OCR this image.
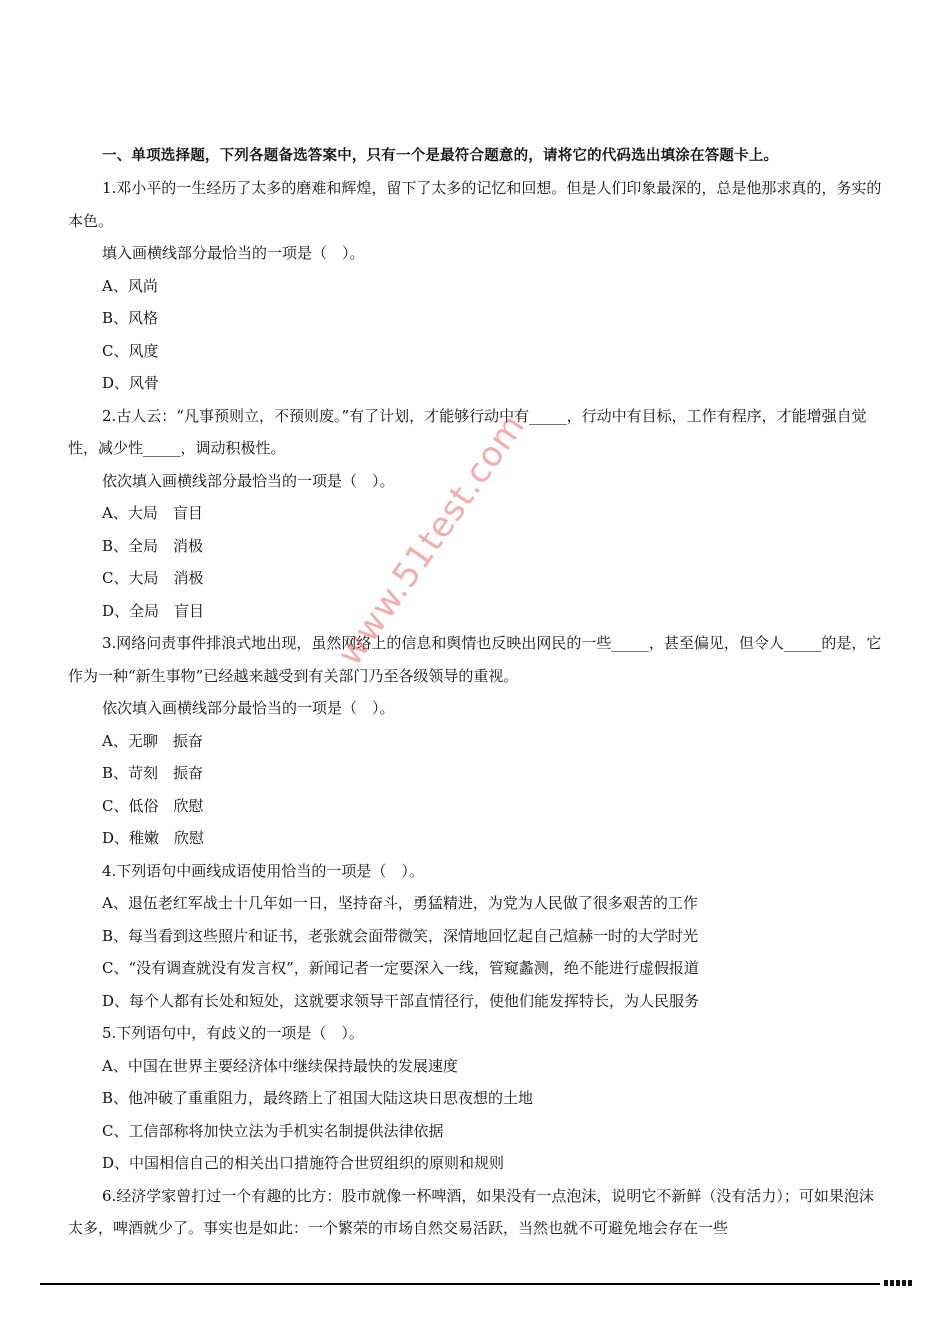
一、单项选择题，下列各题备选答案中，只有一个是最符合题意的，请将它的代码选出填涂在答题卡上。

1.邓小平的一生经历了太多的磨难和辉煌，留下了太多的记忆和回想。但是人们印象最深的，总是他那求真的，务实的本色。

填入画横线部分最恰当的一项是（　）。
A、风尚
B、风格
C、风度
D、风骨

2.古人云：“凡事预则立，不预则废。”有了计划，才能够行动中有_____，行动中有目标，工作有程序，才能增强自觉性，减少性_____，调动积极性。

依次填入画横线部分最恰当的一项是（　）。
A、大局　盲目
B、全局　消极
C、大局　消极
D、全局　盲目

3.网络问责事件排浪式地出现，虽然网络上的信息和舆情也反映出网民的一些_____，甚至偏见，但令人_____的是，它作为一种“新生事物”已经越来越受到有关部门乃至各级领导的重视。

依次填入画横线部分最恰当的一项是（　）。
A、无聊　振奋
B、苛刻　振奋
C、低俗　欣慰
D、稚嫩　欣慰
4.下列语句中画线成语使用恰当的一项是（　）。
A、退伍老红军战士十几年如一日，坚持奋斗，勇猛精进，为党为人民做了很多艰苦的工作
B、每当看到这些照片和证书，老张就会面带微笑，深情地回忆起自己煊赫一时的大学时光
C、“没有调查就没有发言权”，新闻记者一定要深入一线，管窥蠡测，绝不能进行虚假报道
D、每个人都有长处和短处，这就要求领导干部直情径行，使他们能发挥特长，为人民服务
5.下列语句中，有歧义的一项是（　）。
A、中国在世界主要经济体中继续保持最快的发展速度
B、他冲破了重重阻力，最终踏上了祖国大陆这块日思夜想的土地
C、工信部称将加快立法为手机实名制提供法律依据
D、中国相信自己的相关出口措施符合世贸组织的原则和规则

6.经济学家曾打过一个有趣的比方：股市就像一杯啤酒，如果没有一点泡沫，说明它不新鲜（没有活力）；可如果泡沫太多，啤酒就少了。事实也是如此：一个繁荣的市场自然交易活跃，当然也就不可避免地会存在一些

www.51test.com
